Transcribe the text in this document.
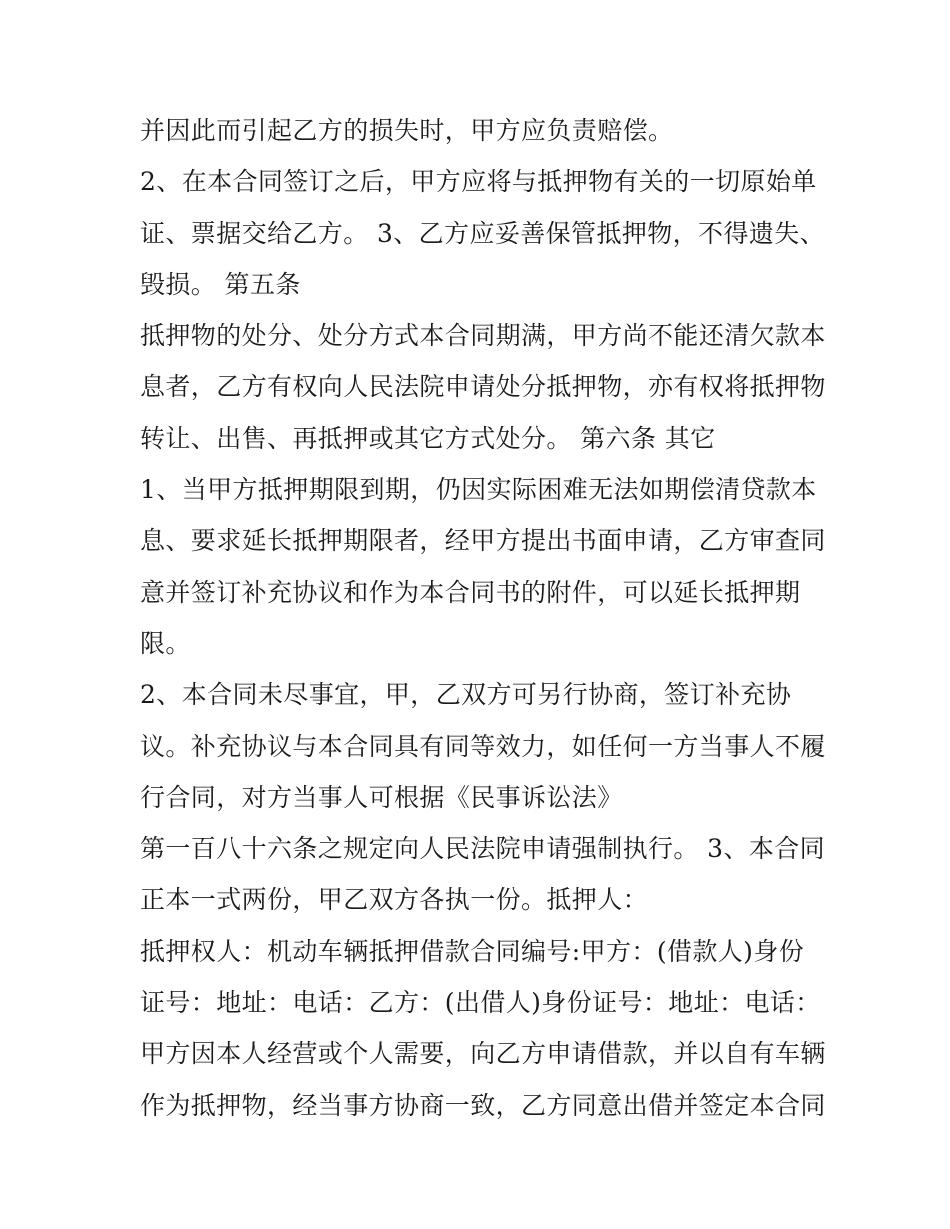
并因此而引起乙方的损失时，甲方应负责赔偿。
2、在本合同签订之后，甲方应将与抵押物有关的一切原始单
证、票据交给乙方。 3、乙方应妥善保管抵押物，不得遗失、
毁损。 第五条
抵押物的处分、处分方式本合同期满，甲方尚不能还清欠款本
息者，乙方有权向人民法院申请处分抵押物，亦有权将抵押物
转让、出售、再抵押或其它方式处分。 第六条 其它
1、当甲方抵押期限到期，仍因实际困难无法如期偿清贷款本
息、要求延长抵押期限者，经甲方提出书面申请，乙方审查同
意并签订补充协议和作为本合同书的附件，可以延长抵押期
限。
2、本合同未尽事宜，甲，乙双方可另行协商，签订补充协
议。补充协议与本合同具有同等效力，如任何一方当事人不履
行合同，对方当事人可根据《民事诉讼法》
第一百八十六条之规定向人民法院申请强制执行。 3、本合同
正本一式两份，甲乙双方各执一份。抵押人：
抵押权人：机动车辆抵押借款合同编号:甲方：(借款人)身份
证号：地址：电话：乙方：(出借人)身份证号：地址：电话：
甲方因本人经营或个人需要，向乙方申请借款，并以自有车辆
作为抵押物，经当事方协商一致，乙方同意出借并签定本合同
